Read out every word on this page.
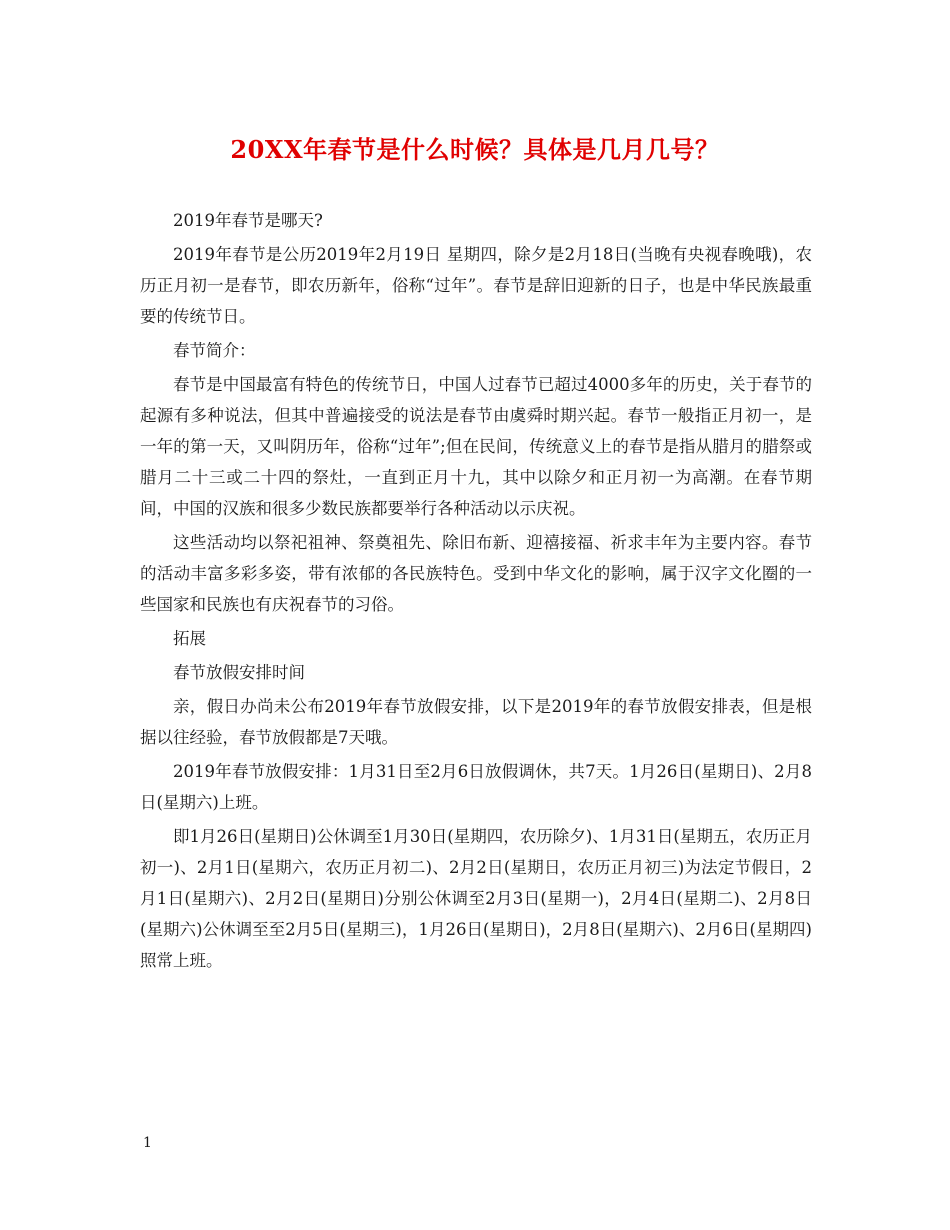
20XX年春节是什么时候？具体是几月几号？

2019年春节是哪天?

2019年春节是公历2019年2月19日 星期四，除夕是2月18日(当晚有央视春晚哦)，农历正月初一是春节，即农历新年，俗称“过年”。春节是辞旧迎新的日子，也是中华民族最重要的传统节日。

春节简介：

春节是中国最富有特色的传统节日，中国人过春节已超过4000多年的历史，关于春节的起源有多种说法，但其中普遍接受的说法是春节由虞舜时期兴起。春节一般指正月初一，是一年的第一天，又叫阴历年，俗称“过年”;但在民间，传统意义上的春节是指从腊月的腊祭或腊月二十三或二十四的祭灶，一直到正月十九，其中以除夕和正月初一为高潮。在春节期间，中国的汉族和很多少数民族都要举行各种活动以示庆祝。

这些活动均以祭祀祖神、祭奠祖先、除旧布新、迎禧接福、祈求丰年为主要内容。春节的活动丰富多彩多姿，带有浓郁的各民族特色。受到中华文化的影响，属于汉字文化圈的一些国家和民族也有庆祝春节的习俗。

拓展

春节放假安排时间

亲，假日办尚未公布2019年春节放假安排，以下是2019年的春节放假安排表，但是根据以往经验，春节放假都是7天哦。

2019年春节放假安排：1月31日至2月6日放假调休，共7天。1月26日(星期日)、2月8日(星期六)上班。

即1月26日(星期日)公休调至1月30日(星期四，农历除夕)、1月31日(星期五，农历正月初一)、2月1日(星期六，农历正月初二)、2月2日(星期日，农历正月初三)为法定节假日，2月1日(星期六)、2月2日(星期日)分别公休调至2月3日(星期一)，2月4日(星期二)、2月8日(星期六)公休调至至2月5日(星期三)，1月26日(星期日)，2月8日(星期六)、2月6日(星期四)照常上班。

1
